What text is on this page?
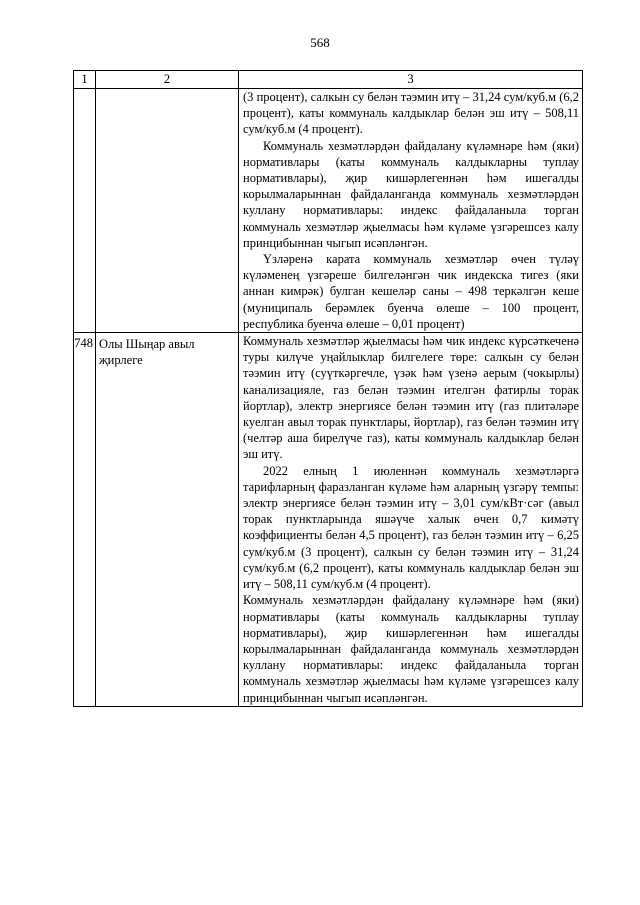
568
1	2	3

		(3 процент), салкын су белән тәэмин итү – 31,24 сум/куб.м (6,2 процент), каты коммуналь калдыклар белән эш итү – 508,11 сум/куб.м (4 процент).

Коммуналь хезмәтләрдән файдалану күләмнәре һәм (яки) нормативлары (каты коммуналь калдыкларны туплау нормативлары), җир кишәрлегеннән һәм ишегалды корылмаларыннан файдаланганда коммуналь хезмәтләрдән куллану нормативлары: индекс файдаланыла торган коммуналь хезмәтләр җыелмасы һәм күләме үзгәрешсез калу принцибыннан чыгып исәпләнгән.

Үзләренә карата коммуналь хезмәтләр өчен түләү күләменең үзгәреше билгеләнгән чик индекска тигез (яки аннан кимрәк) булган кешеләр саны – 498 теркәлгән кеше (муниципаль берәмлек буенча өлеше – 100 процент, республика буенча өлеше – 0,01 процент)

748	Олы Шыңар авыл җирлеге	Коммуналь хезмәтләр җыелмасы һәм чик индекс күрсәткеченә туры килүче уңайлыклар билгелеге төре: салкын су белән тәэмин итү (суүткәргечле, үзәк һәм үзенә аерым (чокырлы) канализацияле, газ белән тәэмин ителгән фатирлы торак йортлар), электр энергиясе белән тәэмин итү (газ плитәләре куелган авыл торак пунктлары, йортлар), газ белән тәэмин итү (челтәр аша бирелүче газ), каты коммуналь калдыклар белән эш итү.

2022 елның 1 июленнән коммуналь хезмәтләргә тарифларның фаразланган күләме һәм аларның үзгәрү темпы: электр энергиясе белән тәэмин итү – 3,01 сум/кВт·сәг (авыл торак пунктларында яшәүче халык өчен 0,7 кимәтү коэффициенты белән 4,5 процент), газ белән тәэмин итү – 6,25 сум/куб.м (3 процент), салкын су белән тәэмин итү – 31,24 сум/куб.м (6,2 процент), каты коммуналь калдыклар белән эш итү – 508,11 сум/куб.м (4 процент).

Коммуналь хезмәтләрдән файдалану күләмнәре һәм (яки) нормативлары (каты коммуналь калдыкларны туплау нормативлары), җир кишәрлегеннән һәм ишегалды корылмаларыннан файдаланганда коммуналь хезмәтләрдән куллану нормативлары: индекс файдаланыла торган коммуналь хезмәтләр җыелмасы һәм күләме үзгәрешсез калу принцибыннан чыгып исәпләнгән.
